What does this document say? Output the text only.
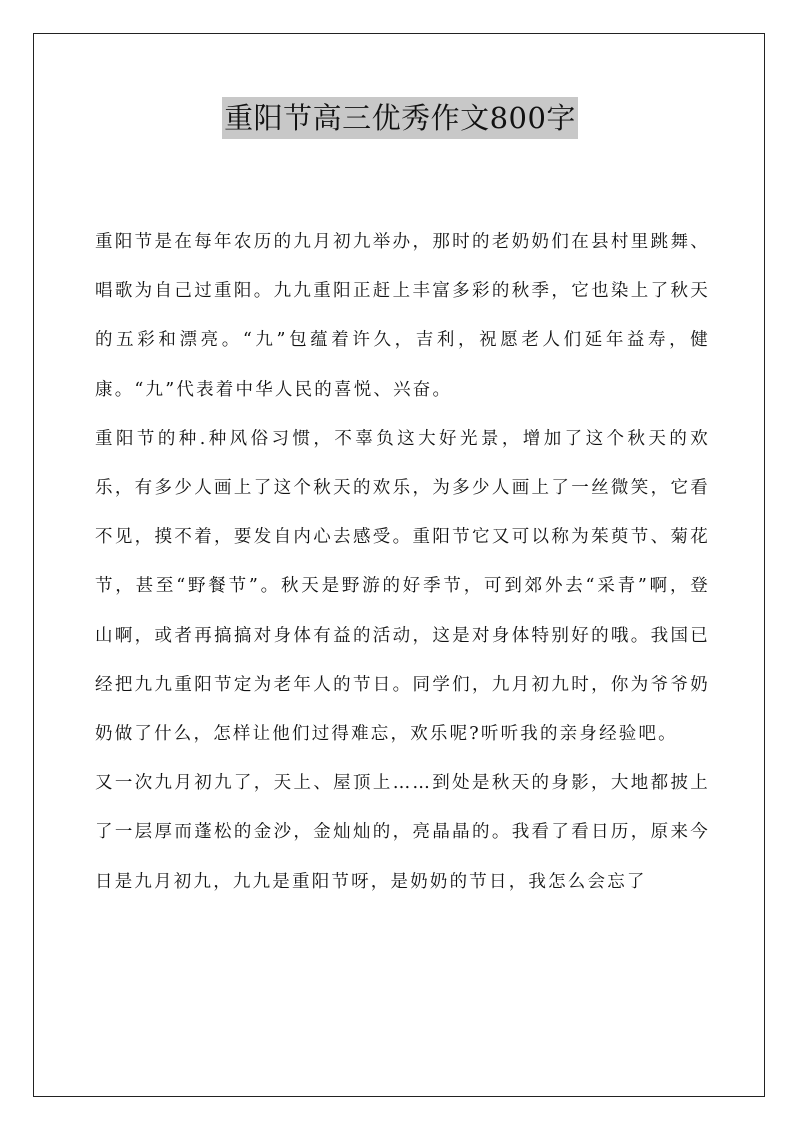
重阳节高三优秀作文800字

重阳节是在每年农历的九月初九举办，那时的老奶奶们在县村里跳舞、唱歌为自己过重阳。九九重阳正赶上丰富多彩的秋季，它也染上了秋天的五彩和漂亮。“九”包蕴着许久，吉利，祝愿老人们延年益寿，健康。“九”代表着中华人民的喜悦、兴奋。

重阳节的种.种风俗习惯，不辜负这大好光景，增加了这个秋天的欢乐，有多少人画上了这个秋天的欢乐，为多少人画上了一丝微笑，它看不见，摸不着，要发自内心去感受。重阳节它又可以称为茱萸节、菊花节，甚至“野餐节”。秋天是野游的好季节，可到郊外去“采青”啊，登山啊，或者再搞搞对身体有益的活动，这是对身体特别好的哦。我国已经把九九重阳节定为老年人的节日。同学们，九月初九时，你为爷爷奶奶做了什么，怎样让他们过得难忘，欢乐呢?听听我的亲身经验吧。

又一次九月初九了，天上、屋顶上……到处是秋天的身影，大地都披上了一层厚而蓬松的金沙，金灿灿的，亮晶晶的。我看了看日历，原来今日是九月初九，九九是重阳节呀，是奶奶的节日，我怎么会忘了
